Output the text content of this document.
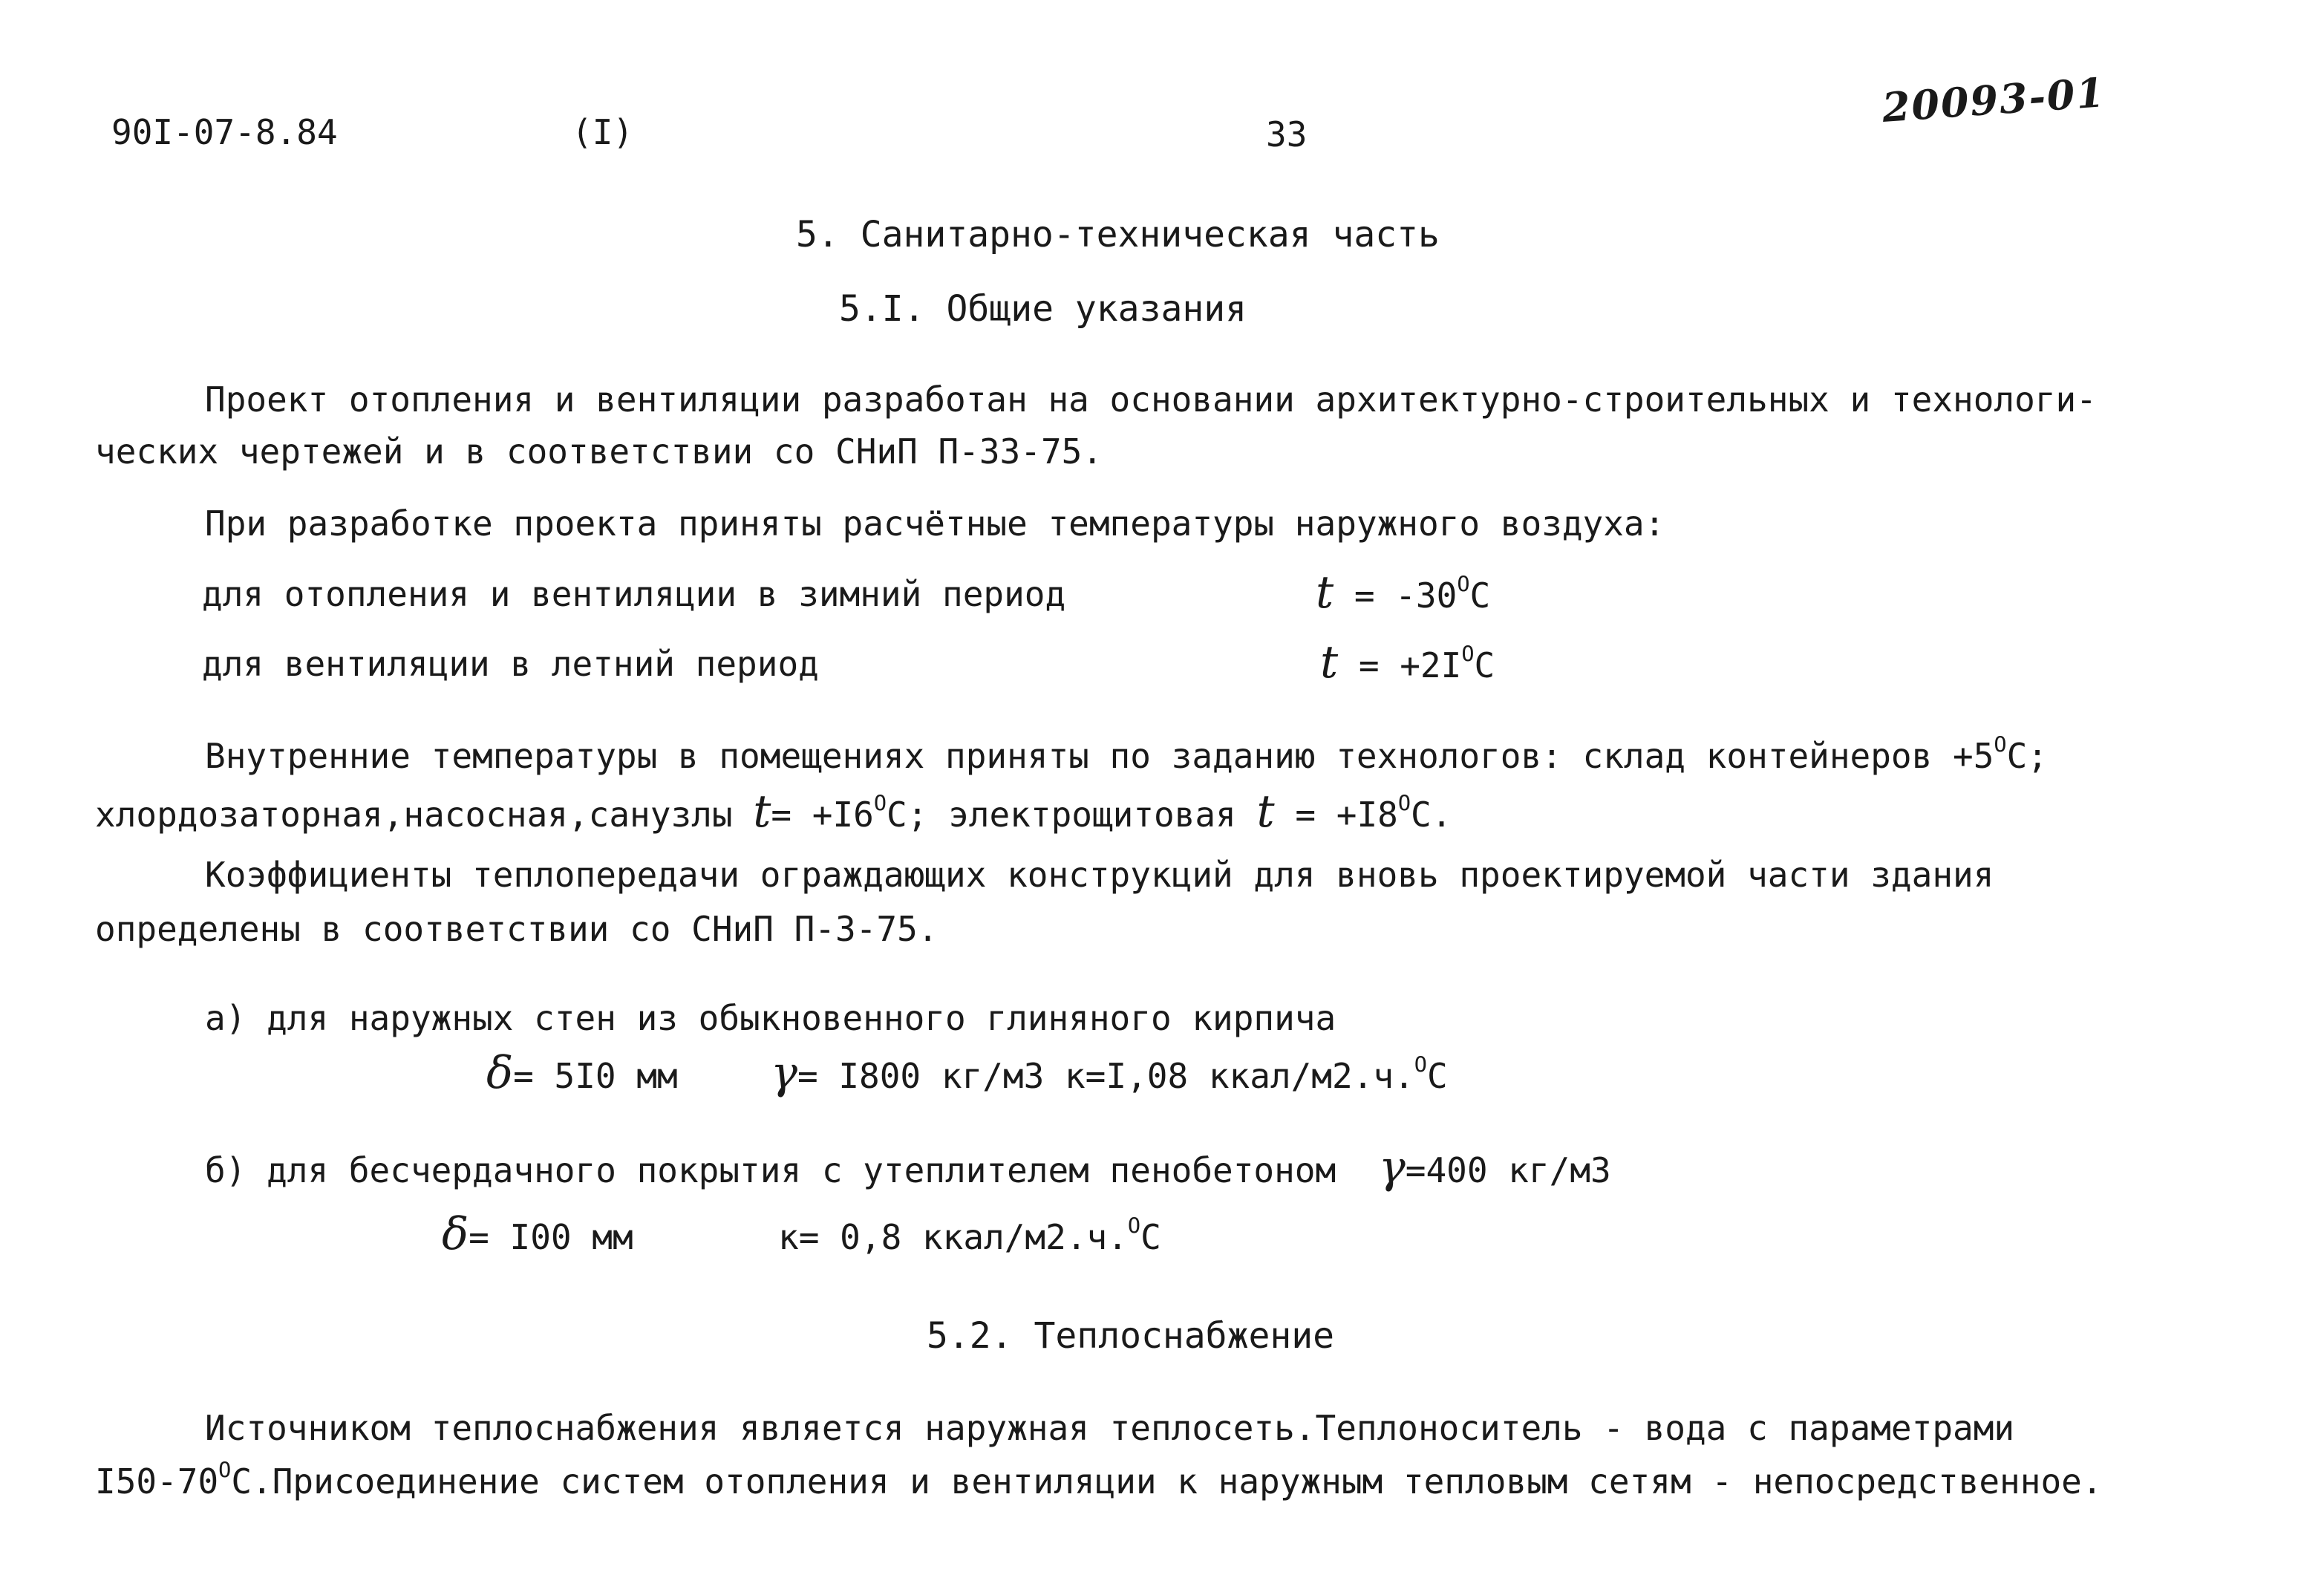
90I-07-8.84	(I)	33
20093-01
5. Санитарно-техническая часть
5.I. Общие указания
Проект отопления и вентиляции разработан на основании архитектурно-строительных и технологи-
ческих чертежей и в соответствии со СНиП П-33-75.
При разработке проекта приняты расчётные температуры наружного воздуха:
для отопления и вентиляции в зимний период	$t = -30^OС$
для вентиляции в летний период	$t = +2I^OС$
Внутренние температуры в помещениях приняты по заданию технологов: склад контейнеров $+5^OС$;
хлордозаторная,насосная,санузлы $t= +I6^OС$; электрощитовая $t = +I8^OС$.
Коэффициенты теплопередачи ограждающих конструкций для вновь проектируемой части здания
определены в соответствии со СНиП П-3-75.
а) для наружных стен из обыкновенного глиняного кирпича
δ= 5I0 мм γ= I800 кг/м3 к=I,08 ккал/м2.ч.$^O$С
б) для бесчердачного покрытия с утеплителем пенобетоном γ=400 кг/м3
δ= I00 мм	к= 0,8 ккал/м2.ч.$^O$С
5.2. Теплоснабжение
Источником теплоснабжения является наружная теплосеть.Теплоноситель - вода с параметрами
$I50-70^OС.Присоединение$ систем отопления и вентиляции к наружным тепловым сетям - непосредственное.
